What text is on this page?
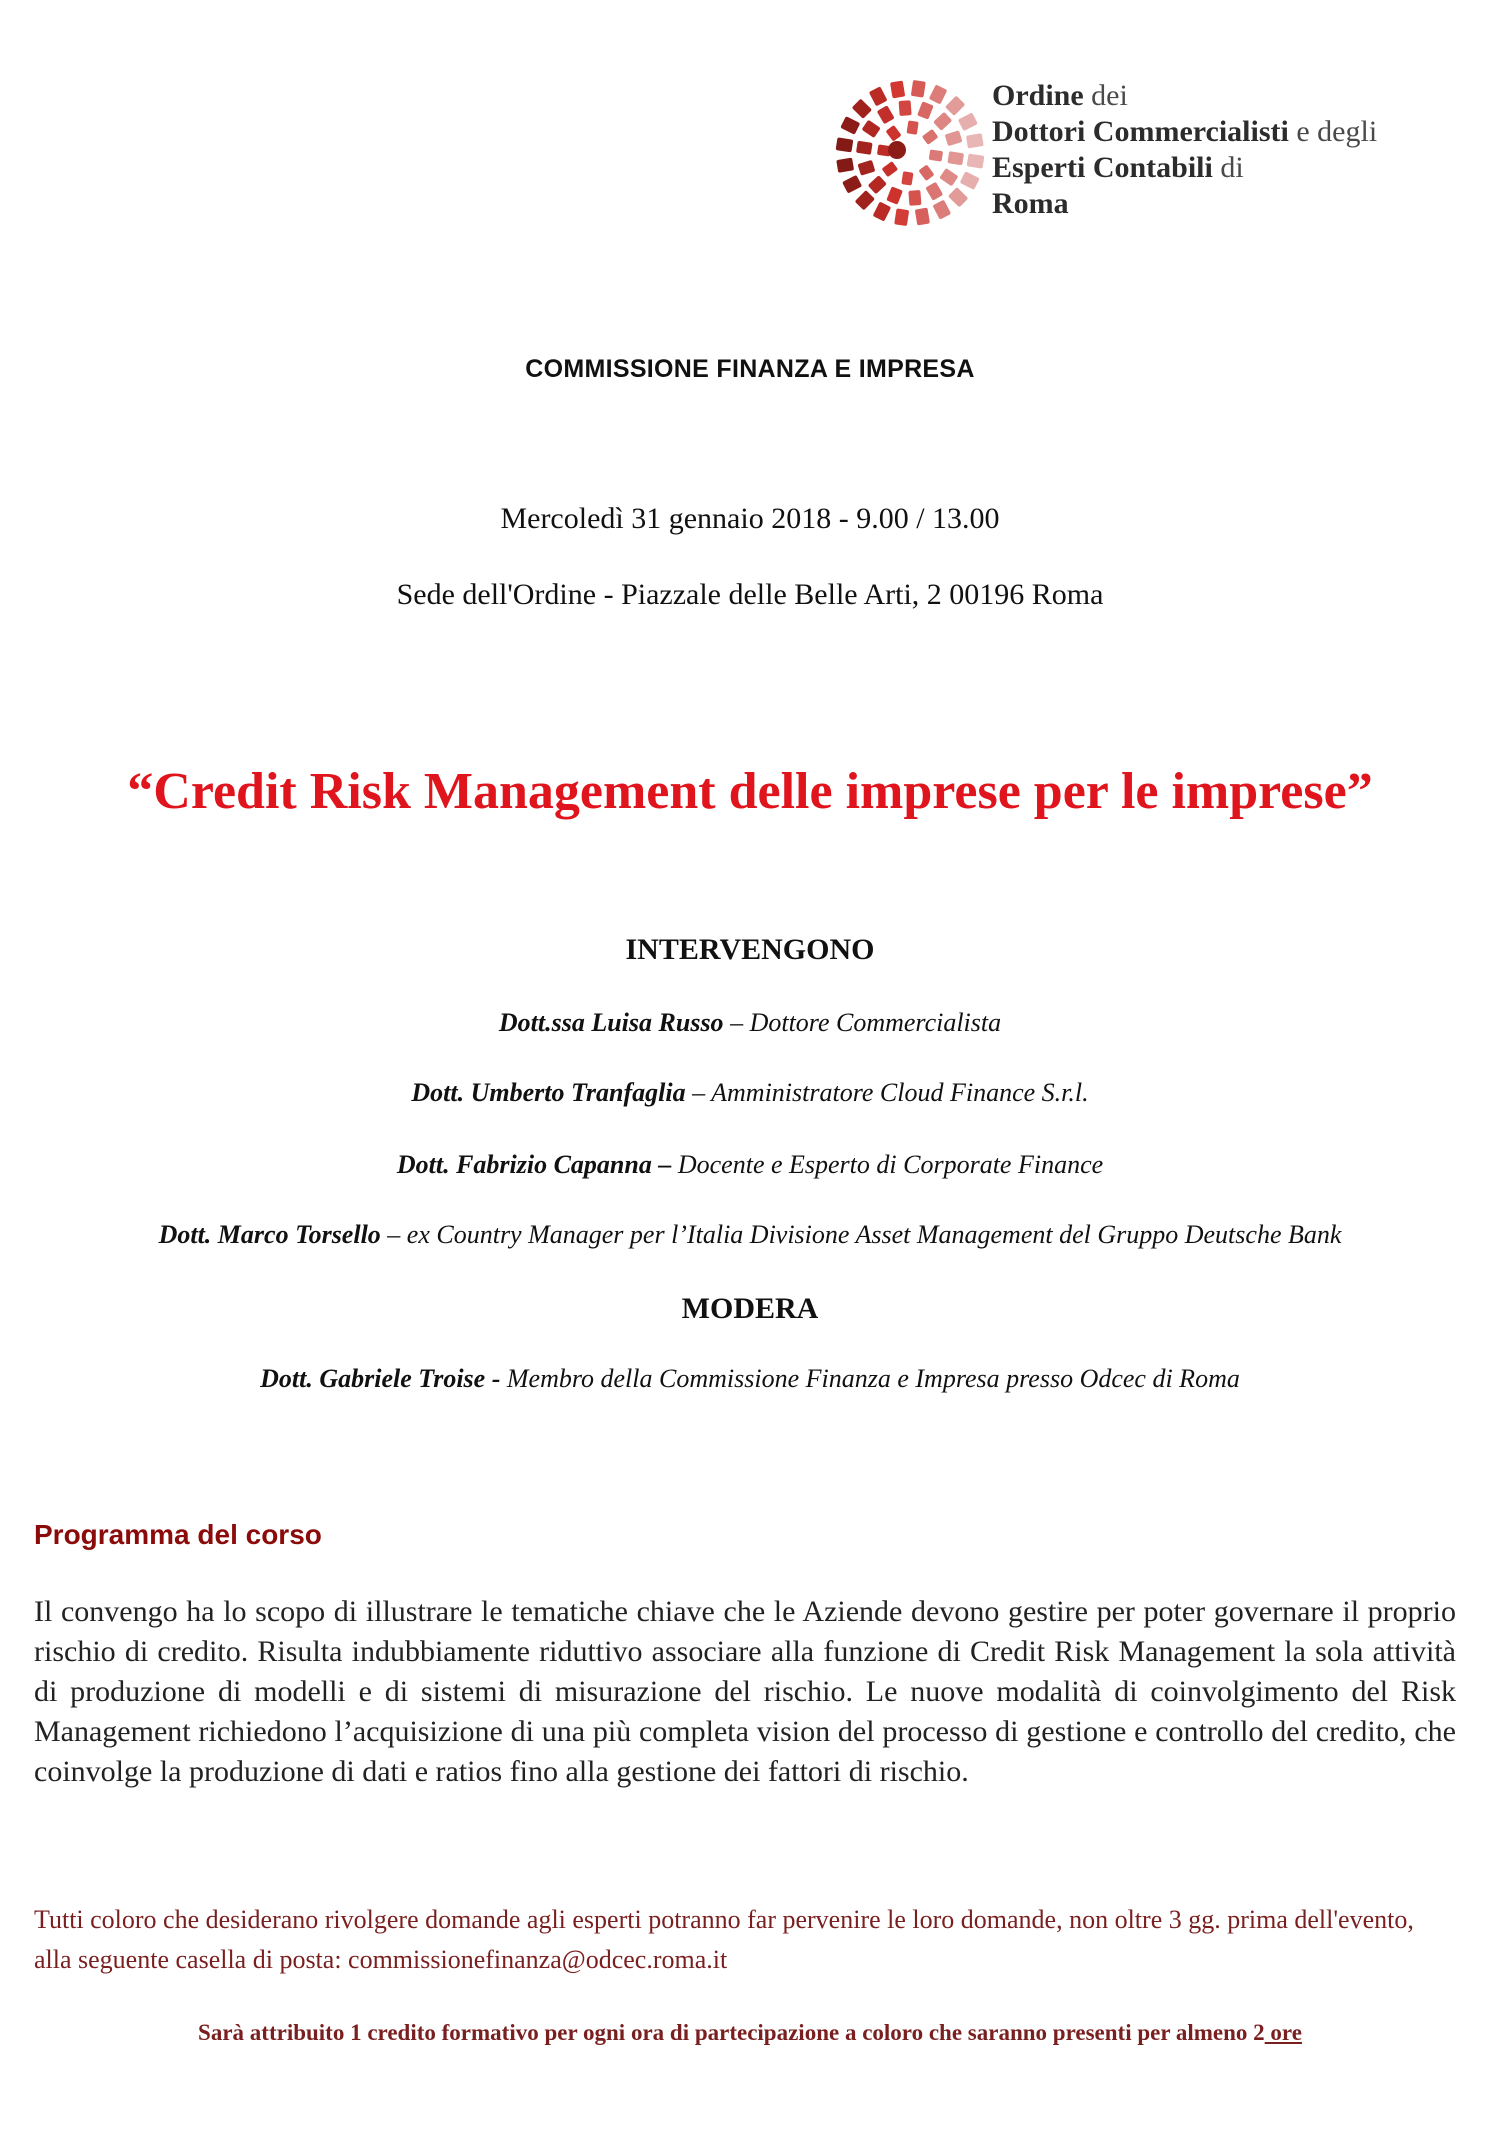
Ordine dei
Dottori Commercialisti e degli
Esperti Contabili di
Roma
COMMISSIONE FINANZA E IMPRESA
Mercoledì 31 gennaio 2018 - 9.00 / 13.00
Sede dell'Ordine - Piazzale delle Belle Arti, 2 00196 Roma
“Credit Risk Management delle imprese per le imprese”
INTERVENGONO
Dott.ssa Luisa Russo – Dottore Commercialista
Dott. Umberto Tranfaglia – Amministratore Cloud Finance S.r.l.
Dott. Fabrizio Capanna – Docente e Esperto di Corporate Finance
Dott. Marco Torsello – ex Country Manager per l’Italia Divisione Asset Management del Gruppo Deutsche Bank
MODERA
Dott. Gabriele Troise - Membro della Commissione Finanza e Impresa presso Odcec di Roma
Programma del corso
Il convengo ha lo scopo di illustrare le tematiche chiave che le Aziende devono gestire per poter governare il proprio rischio di credito. Risulta indubbiamente riduttivo associare alla funzione di Credit Risk Management la sola attività di produzione di modelli e di sistemi di misurazione del rischio. Le nuove modalità di coinvolgimento del Risk Management richiedono l’acquisizione di una più completa vision del processo di gestione e controllo del credito, che coinvolge la produzione di dati e ratios fino alla gestione dei fattori di rischio.
Tutti coloro che desiderano rivolgere domande agli esperti potranno far pervenire le loro domande, non oltre 3 gg. prima dell'evento, alla seguente casella di posta: commissionefinanza@odcec.roma.it
Sarà attribuito 1 credito formativo per ogni ora di partecipazione a coloro che saranno presenti per almeno 2 ore
